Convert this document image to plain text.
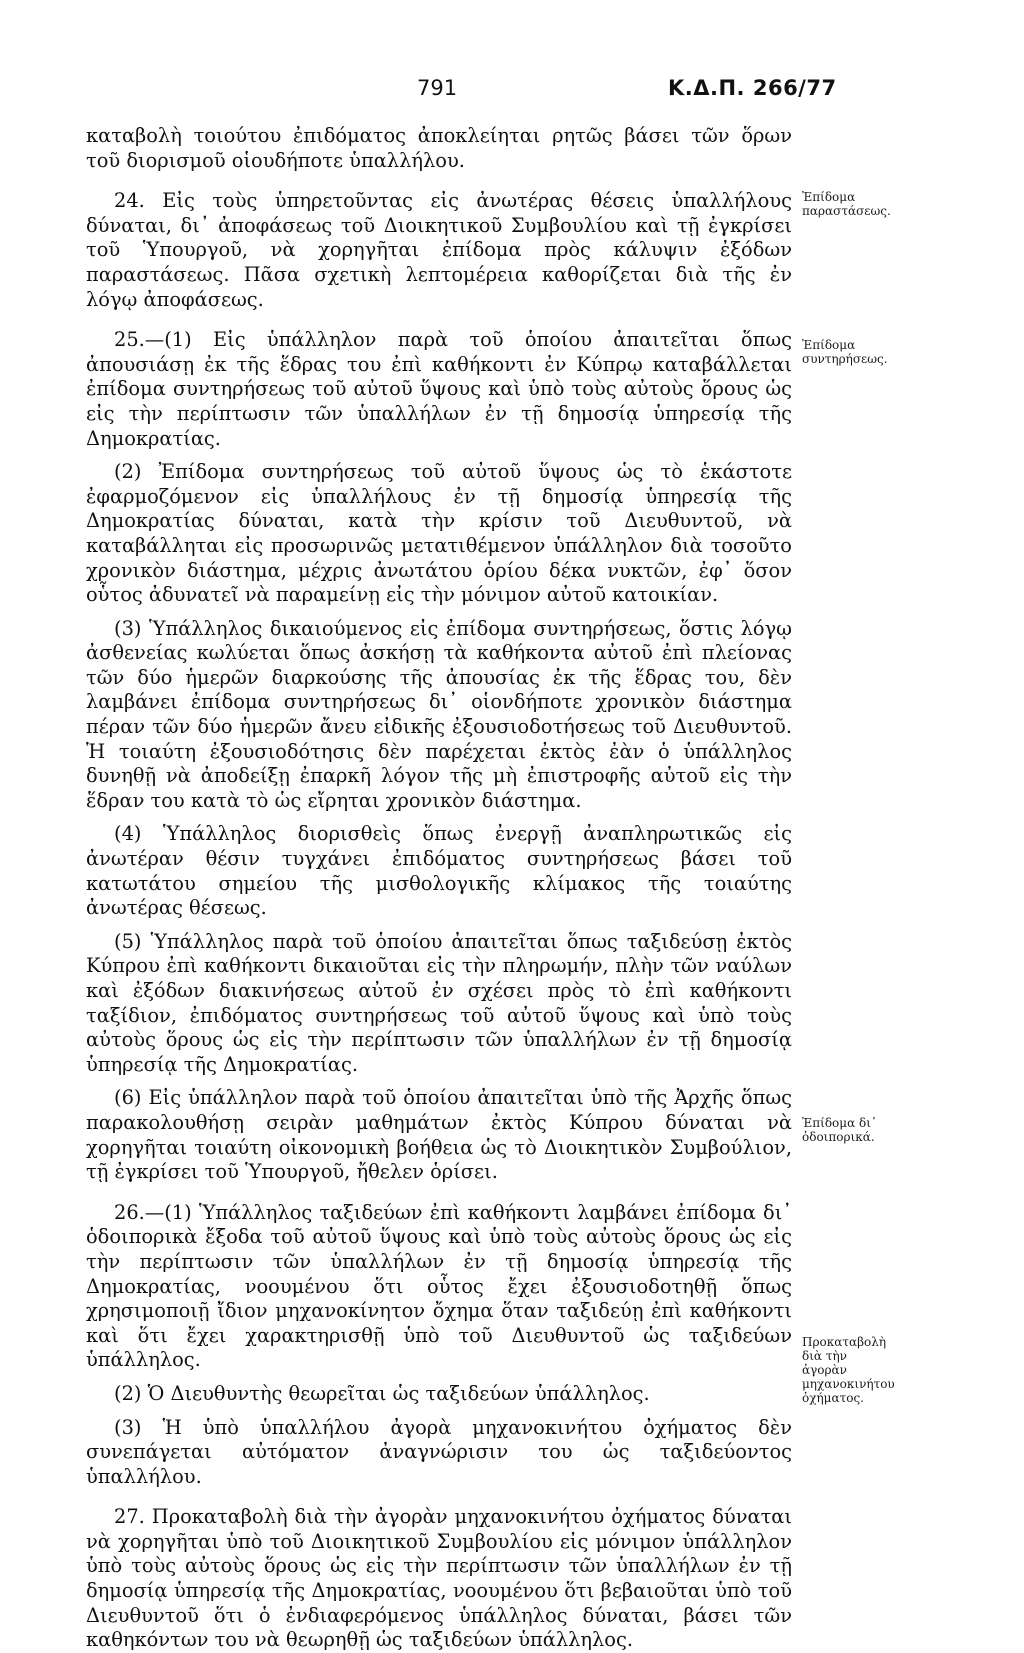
791	Κ.Δ.Π. 266/77

καταβολὴ τοιούτου ἐπιδόματος ἀποκλείηται ρητῶς βάσει τῶν ὅρων τοῦ διορισμοῦ οἱουδήποτε ὑπαλλήλου.

24. Εἰς τοὺς ὑπηρετοῦντας εἰς ἀνωτέρας θέσεις ὑπαλλήλους δύναται, δι᾿ ἀποφάσεως τοῦ Διοικητικοῦ Συμβουλίου καὶ τῇ ἐγκρίσει τοῦ Ὑπουργοῦ, νὰ χορηγῆται ἐπίδομα πρὸς κάλυψιν ἐξόδων παραστάσεως. Πᾶσα σχετικὴ λεπτομέρεια καθορίζεται διὰ τῆς ἐν λόγῳ ἀποφάσεως.

25.—(1) Εἰς ὑπάλληλον παρὰ τοῦ ὁποίου ἀπαιτεῖται ὅπως ἀπουσιάσῃ ἐκ τῆς ἕδρας του ἐπὶ καθήκοντι ἐν Κύπρῳ καταβάλλεται ἐπίδομα συντηρήσεως τοῦ αὐτοῦ ὕψους καὶ ὑπὸ τοὺς αὐτοὺς ὅρους ὡς εἰς τὴν περίπτωσιν τῶν ὑπαλλήλων ἐν τῇ δημοσίᾳ ὑπηρεσίᾳ τῆς Δημοκρατίας.

(2) Ἐπίδομα συντηρήσεως τοῦ αὐτοῦ ὕψους ὡς τὸ ἑκάστοτε ἐφαρμοζόμενον εἰς ὑπαλλήλους ἐν τῇ δημοσίᾳ ὑπηρεσίᾳ τῆς Δημοκρατίας δύναται, κατὰ τὴν κρίσιν τοῦ Διευθυντοῦ, νὰ καταβάλληται εἰς προσωρινῶς μετατιθέμενον ὑπάλληλον διὰ τοσοῦτο χρονικὸν διάστημα, μέχρις ἀνωτάτου ὁρίου δέκα νυκτῶν, ἐφ᾿ ὅσον οὗτος ἀδυνατεῖ νὰ παραμείνῃ εἰς τὴν μόνιμον αὐτοῦ κατοικίαν.

(3) Ὑπάλληλος δικαιούμενος εἰς ἐπίδομα συντηρήσεως, ὅστις λόγῳ ἀσθενείας κωλύεται ὅπως ἀσκήσῃ τὰ καθήκοντα αὐτοῦ ἐπὶ πλείονας τῶν δύο ἡμερῶν διαρκούσης τῆς ἀπουσίας ἐκ τῆς ἕδρας του, δὲν λαμβάνει ἐπίδομα συντηρήσεως δι᾿ οἱονδήποτε χρονικὸν διάστημα πέραν τῶν δύο ἡμερῶν ἄνευ εἰδικῆς ἐξουσιοδοτήσεως τοῦ Διευθυντοῦ. Ἡ τοιαύτη ἐξουσιοδότησις δὲν παρέχεται ἐκτὸς ἐὰν ὁ ὑπάλληλος δυνηθῇ νὰ ἀποδείξῃ ἐπαρκῆ λόγον τῆς μὴ ἐπιστροφῆς αὐτοῦ εἰς τὴν ἕδραν του κατὰ τὸ ὡς εἴρηται χρονικὸν διάστημα.

(4) Ὑπάλληλος διορισθεὶς ὅπως ἐνεργῇ ἀναπληρωτικῶς εἰς ἀνωτέραν θέσιν τυγχάνει ἐπιδόματος συντηρήσεως βάσει τοῦ κατωτάτου σημείου τῆς μισθολογικῆς κλίμακος τῆς τοιαύτης ἀνωτέρας θέσεως.

(5) Ὑπάλληλος παρὰ τοῦ ὁποίου ἀπαιτεῖται ὅπως ταξιδεύσῃ ἐκτὸς Κύπρου ἐπὶ καθήκοντι δικαιοῦται εἰς τὴν πληρωμήν, πλὴν τῶν ναύλων καὶ ἐξόδων διακινήσεως αὐτοῦ ἐν σχέσει πρὸς τὸ ἐπὶ καθήκοντι ταξίδιον, ἐπιδόματος συντηρήσεως τοῦ αὐτοῦ ὕψους καὶ ὑπὸ τοὺς αὐτοὺς ὅρους ὡς εἰς τὴν περίπτωσιν τῶν ὑπαλλήλων ἐν τῇ δημοσίᾳ ὑπηρεσίᾳ τῆς Δημοκρατίας.

(6) Εἰς ὑπάλληλον παρὰ τοῦ ὁποίου ἀπαιτεῖται ὑπὸ τῆς Ἀρχῆς ὅπως παρακολουθήσῃ σειρὰν μαθημάτων ἐκτὸς Κύπρου δύναται νὰ χορηγῆται τοιαύτη οἰκονομικὴ βοήθεια ὡς τὸ Διοικητικὸν Συμβούλιον, τῇ ἐγκρίσει τοῦ Ὑπουργοῦ, ἤθελεν ὁρίσει.

26.—(1) Ὑπάλληλος ταξιδεύων ἐπὶ καθήκοντι λαμβάνει ἐπίδομα δι᾿ ὁδοιπορικὰ ἔξοδα τοῦ αὐτοῦ ὕψους καὶ ὑπὸ τοὺς αὐτοὺς ὅρους ὡς εἰς τὴν περίπτωσιν τῶν ὑπαλλήλων ἐν τῇ δημοσίᾳ ὑπηρεσίᾳ τῆς Δημοκρατίας, νοουμένου ὅτι οὗτος ἔχει ἐξουσιοδοτηθῇ ὅπως χρησιμοποιῇ ἴδιον μηχανοκίνητον ὄχημα ὅταν ταξιδεύῃ ἐπὶ καθήκοντι καὶ ὅτι ἔχει χαρακτηρισθῇ ὑπὸ τοῦ Διευθυντοῦ ὡς ταξιδεύων ὑπάλληλος.

(2) Ὁ Διευθυντὴς θεωρεῖται ὡς ταξιδεύων ὑπάλληλος.

(3) Ἡ ὑπὸ ὑπαλλήλου ἀγορὰ μηχανοκινήτου ὀχήματος δὲν συνεπάγεται αὐτόματον ἀναγνώρισιν του ὡς ταξιδεύοντος ὑπαλλήλου.

27. Προκαταβολὴ διὰ τὴν ἀγορὰν μηχανοκινήτου ὀχήματος δύναται νὰ χορηγῆται ὑπὸ τοῦ Διοικητικοῦ Συμβουλίου εἰς μόνιμον ὑπάλληλον ὑπὸ τοὺς αὐτοὺς ὅρους ὡς εἰς τὴν περίπτωσιν τῶν ὑπαλλήλων ἐν τῇ δημοσίᾳ ὑπηρεσίᾳ τῆς Δημοκρατίας, νοουμένου ὅτι βεβαιοῦται ὑπὸ τοῦ Διευθυντοῦ ὅτι ὁ ἐνδιαφερόμενος ὑπάλληλος δύναται, βάσει τῶν καθηκόντων του νὰ θεωρηθῇ ὡς ταξιδεύων ὑπάλληλος.

Ἐπίδομα παραστάσεως.
Ἐπίδομα συντηρήσεως.
Ἐπίδομα δι᾿ ὁδοιπορικά.
Προκαταβολὴ διὰ τὴν ἀγορὰν μηχανοκινήτου ὀχήματος.
